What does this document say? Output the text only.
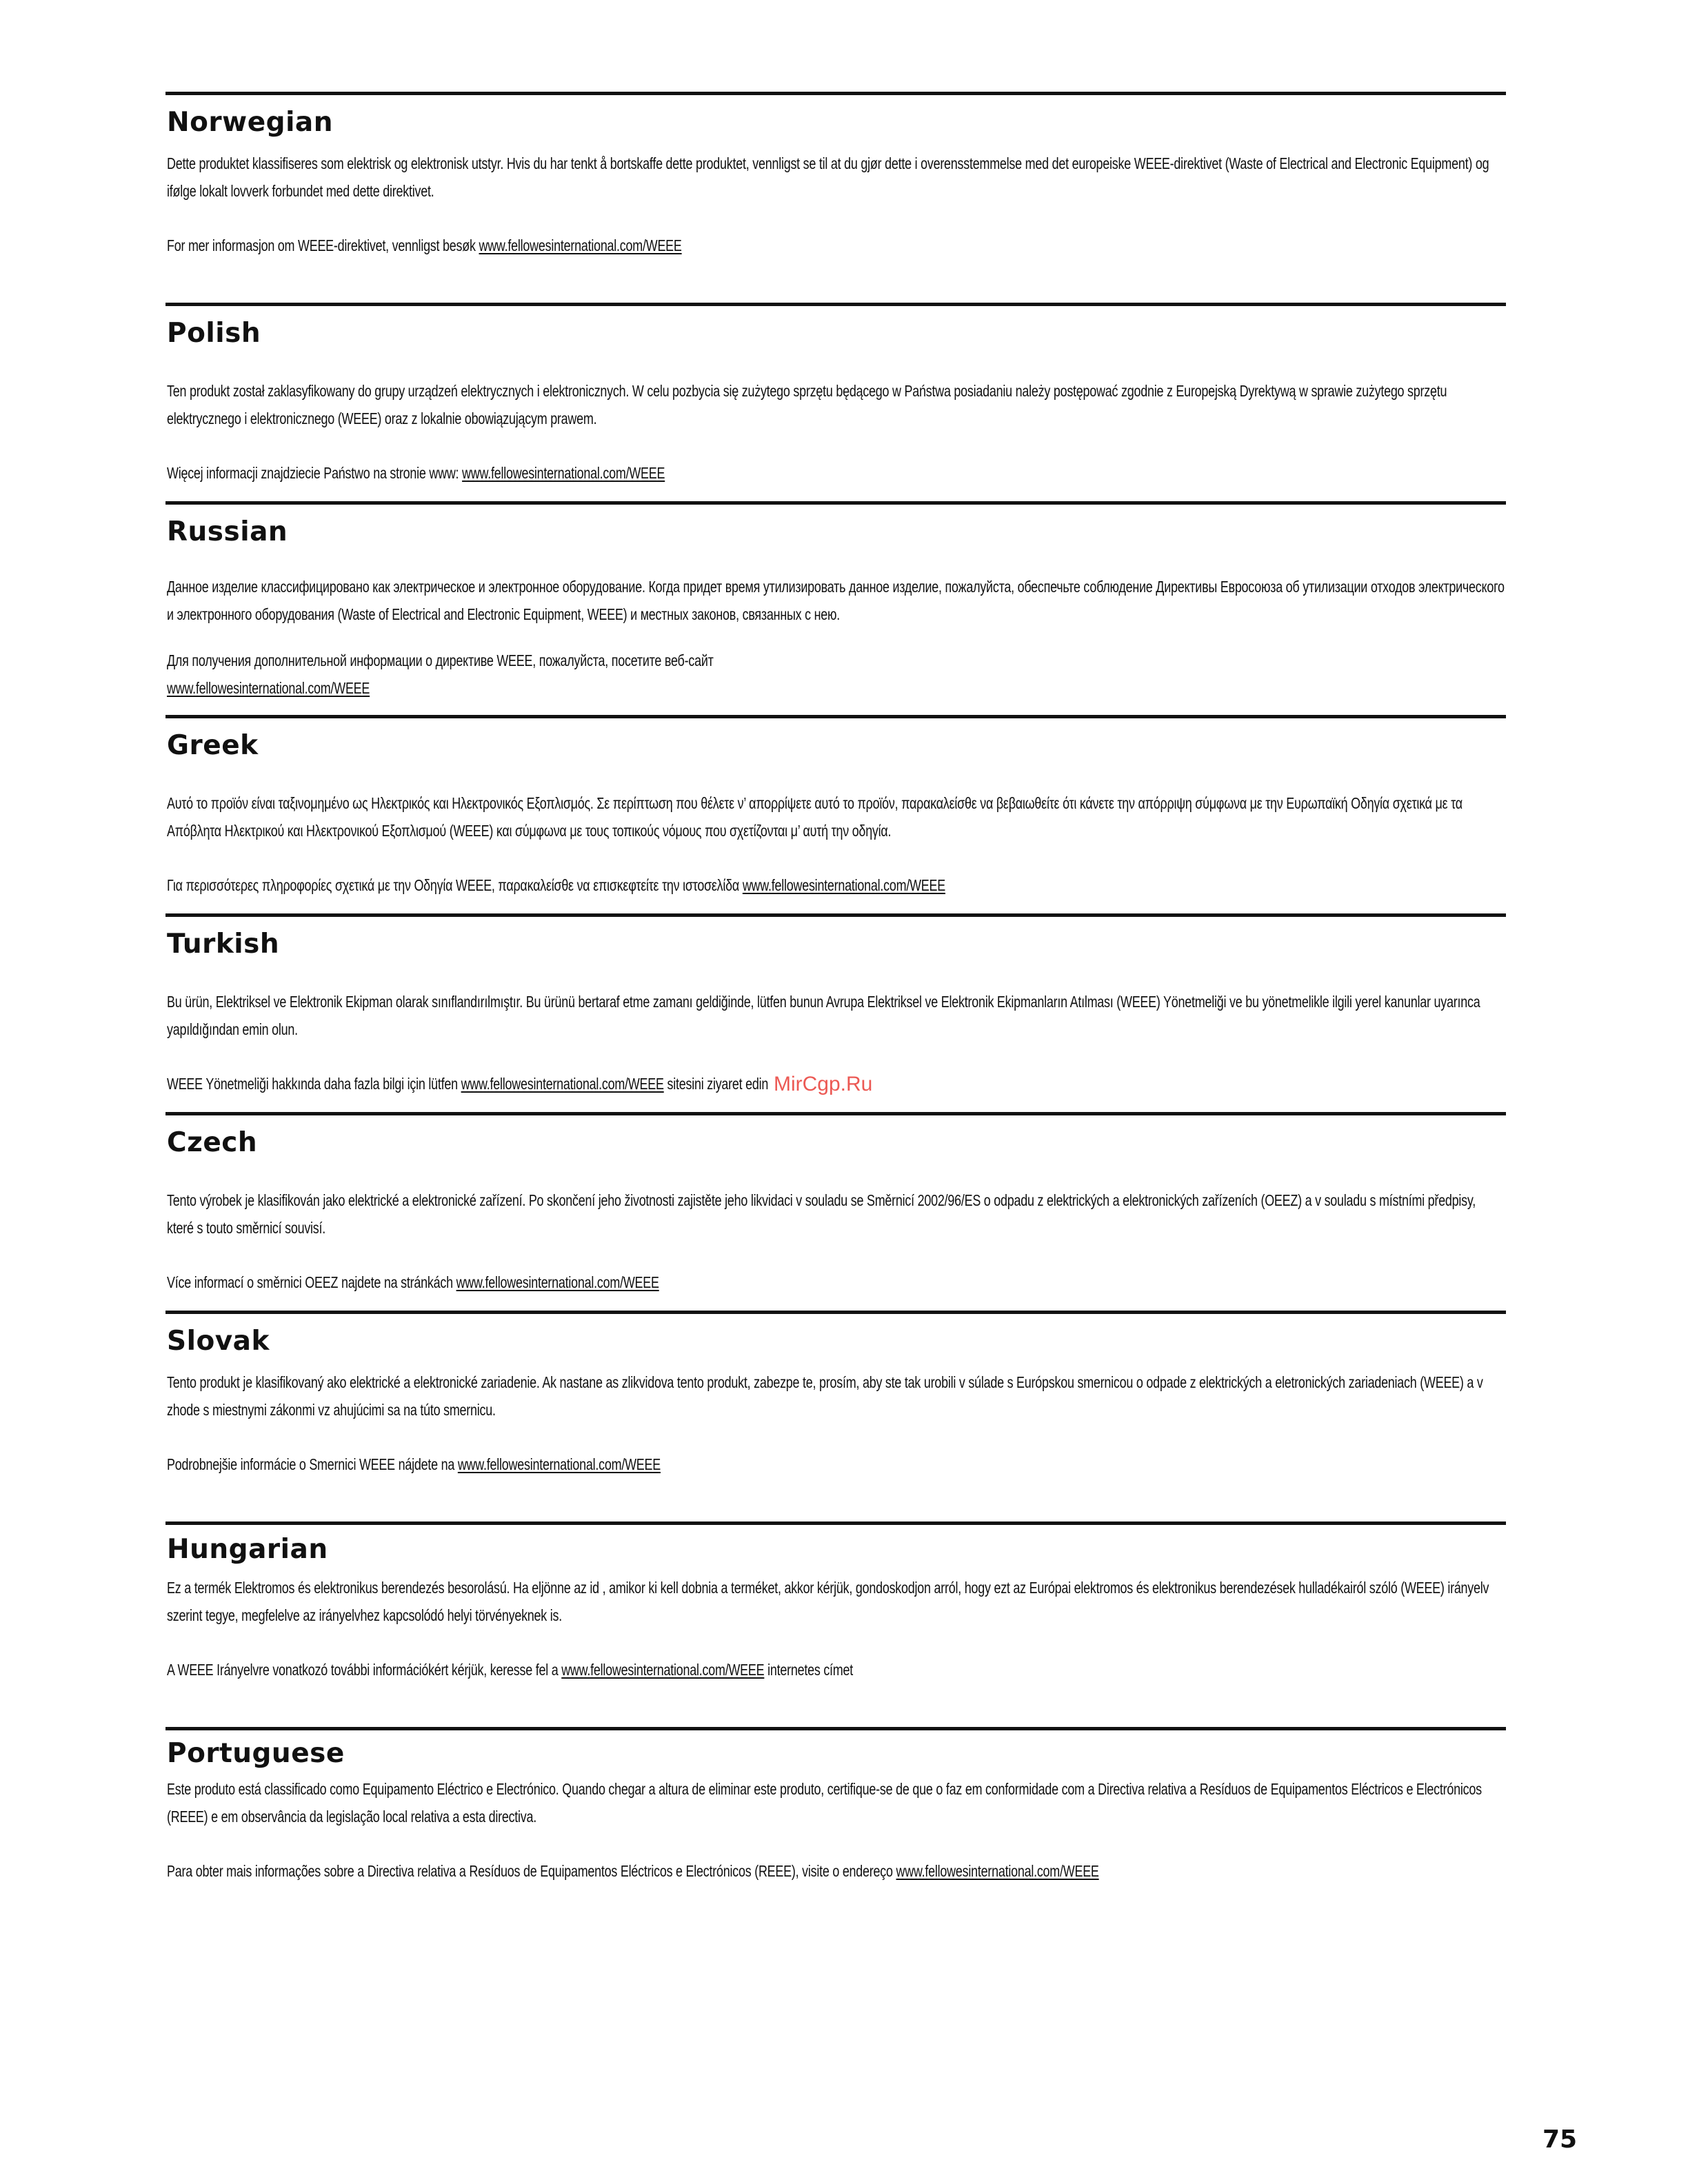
Norwegian

Dette produktet klassifiseres som elektrisk og elektronisk utstyr. Hvis du har tenkt å bortskaffe dette produktet, vennligst se til at du gjør dette i overensstemmelse med det europeiske WEEE-direktivet (Waste of Electrical and Electronic Equipment) og ifølge lokalt lovverk forbundet med dette direktivet.

For mer informasjon om WEEE-direktivet, vennligst besøk www.fellowesinternational.com/WEEE

Polish

Ten produkt został zaklasyfikowany do grupy urządzeń elektrycznych i elektronicznych. W celu pozbycia się zużytego sprzętu będącego w Państwa posiadaniu należy postępować zgodnie z Europejską Dyrektywą w sprawie zużytego sprzętu elektrycznego i elektronicznego (WEEE) oraz z lokalnie obowiązującym prawem.

Więcej informacji znajdziecie Państwo na stronie www: www.fellowesinternational.com/WEEE

Russian

Данное изделие классифицировано как электрическое и электронное оборудование. Когда придет время утилизировать данное изделие, пожалуйста, обеспечьте соблюдение Директивы Евросоюза об утилизации отходов электрического и электронного оборудования (Waste of Electrical and Electronic Equipment, WEEE) и местных законов, связанных с нею.

Для получения дополнительной информации о директиве WEEE, пожалуйста, посетите веб-сайт
www.fellowesinternational.com/WEEE

Greek

Αυτό το προϊόν είναι ταξινομημένο ως Ηλεκτρικός και Ηλεκτρονικός Εξοπλισμός. Σε περίπτωση που θέλετε ν’ απορρίψετε αυτό το προϊόν, παρακαλείσθε να βεβαιωθείτε ότι κάνετε την απόρριψη σύμφωνα με την Ευρωπαϊκή Οδηγία σχετικά με τα Απόβλητα Ηλεκτρικού και Ηλεκτρονικού Εξοπλισμού (WEEE) και σύμφωνα με τους τοπικούς νόμους που σχετίζονται μ’ αυτή την οδηγία.

Για περισσότερες πληροφορίες σχετικά με την Οδηγία WEEE, παρακαλείσθε να επισκεφτείτε την ιστοσελίδα www.fellowesinternational.com/WEEE

Turkish

Bu ürün, Elektriksel ve Elektronik Ekipman olarak sınıflandırılmıştır. Bu ürünü bertaraf etme zamanı geldiğinde, lütfen bunun Avrupa Elektriksel ve Elektronik Ekipmanların Atılması (WEEE) Yönetmeliği ve bu yönetmelikle ilgili yerel kanunlar uyarınca yapıldığından emin olun.

WEEE Yönetmeliği hakkında daha fazla bilgi için lütfen www.fellowesinternational.com/WEEE sitesini ziyaret edin

Czech

Tento výrobek je klasifikován jako elektrické a elektronické zařízení. Po skončení jeho životnosti zajistěte jeho likvidaci v souladu se Směrnicí 2002/96/ES o odpadu z elektrických a elektronických zařízeních (OEEZ) a v souladu s místními předpisy, které s touto směrnicí souvisí.

Více informací o směrnici OEEZ najdete na stránkách www.fellowesinternational.com/WEEE

Slovak

Tento produkt je klasifikovaný ako elektrické a elektronické zariadenie. Ak nastane as zlikvidova tento produkt, zabezpe te, prosím, aby ste tak urobili v súlade s Európskou smernicou o odpade z elektrických a eletronických zariadeniach (WEEE) a v zhode s miestnymi zákonmi vz ahujúcimi sa na túto smernicu.

Podrobnejšie informácie o Smernici WEEE nájdete na www.fellowesinternational.com/WEEE

Hungarian

Ez a termék Elektromos és elektronikus berendezés besorolású. Ha eljönne az id , amikor ki kell dobnia a terméket, akkor kérjük, gondoskodjon arról, hogy ezt az Európai elektromos és elektronikus berendezések hulladékairól szóló (WEEE) irányelv szerint tegye, megfelelve az irányelvhez kapcsolódó helyi törvényeknek is.

A WEEE Irányelvre vonatkozó további információkért kérjük, keresse fel a www.fellowesinternational.com/WEEE internetes címet

Portuguese

Este produto está classificado como Equipamento Eléctrico e Electrónico. Quando chegar a altura de eliminar este produto, certifique-se de que o faz em conformidade com a Directiva relativa a Resíduos de Equipamentos Eléctricos e Electrónicos (REEE) e em observância da legislação local relativa a esta directiva.

Para obter mais informações sobre a Directiva relativa a Resíduos de Equipamentos Eléctricos e Electrónicos (REEE), visite o endereço www.fellowesinternational.com/WEEE

MirCgp.Ru
75
